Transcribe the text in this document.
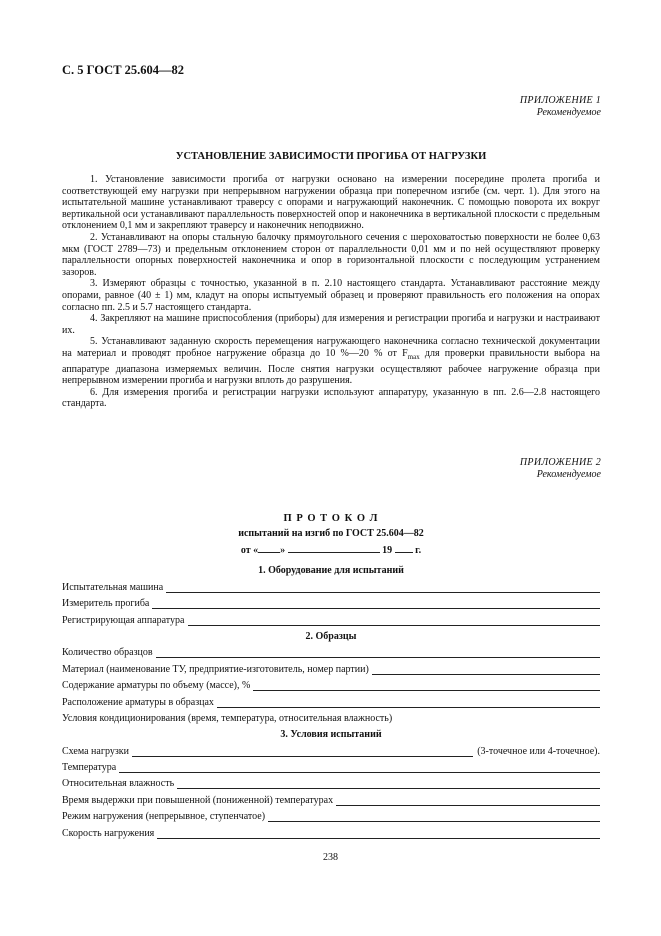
С. 5 ГОСТ 25.604—82
ПРИЛОЖЕНИЕ 1
Рекомендуемое
УСТАНОВЛЕНИЕ ЗАВИСИМОСТИ ПРОГИБА ОТ НАГРУЗКИ

1. Установление зависимости прогиба от нагрузки основано на измерении посередине пролета прогиба и соответствующей ему нагрузки при непрерывном нагружении образца при поперечном изгибе (см. черт. 1). Для этого на испытательной машине устанавливают траверсу с опорами и нагружающий наконечник. С помощью поворота их вокруг вертикальной оси устанавливают параллельность поверхностей опор и наконечника в вертикальной плоскости с предельным отклонением 0,1 мм и закрепляют траверсу и наконечник неподвижно.

2. Устанавливают на опоры стальную балочку прямоугольного сечения с шероховатостью поверхности не более 0,63 мкм (ГОСТ 2789—73) и предельным отклонением сторон от параллельности 0,01 мм и по ней осуществляют проверку параллельности опорных поверхностей наконечника и опор в горизонтальной плоскости с последующим устранением зазоров.

3. Измеряют образцы с точностью, указанной в п. 2.10 настоящего стандарта. Устанавливают расстояние между опорами, равное (40 ± 1) мм, кладут на опоры испытуемый образец и проверяют правильность его положения на опорах согласно пп. 2.5 и 5.7 настоящего стандарта.

4. Закрепляют на машине приспособления (приборы) для измерения и регистрации прогиба и нагрузки и настраивают их.

5. Устанавливают заданную скорость перемещения нагружающего наконечника согласно технической документации на материал и проводят пробное нагружение образца до 10 %—20 % от $F_{max}$ для проверки правильности выбора на аппаратуре диапазона измеряемых величин. После снятия нагрузки осуществляют рабочее нагружение образца при непрерывном измерении прогиба и нагрузки вплоть до разрушения.

6. Для измерения прогиба и регистрации нагрузки используют аппаратуру, указанную в пп. 2.6—2.8 настоящего стандарта.

ПРИЛОЖЕНИЕ 2
Рекомендуемое
П Р О Т О К О Л
испытаний на изгиб по ГОСТ 25.604—82
от « »	19 г.
1. Оборудование для испытаний
Испытательная машина
Измеритель прогиба
Регистрирующая аппаратура
2. Образцы
Количество образцов
Материал (наименование ТУ, предприятие-изготовитель, номер партии)
Содержание арматуры по объему (массе), %
Расположение арматуры в образцах
Условия кондиционирования (время, температура, относительная влажность)
3. Условия испытаний
Схема нагрузки	(3-точечное или 4-точечное).
Температура
Относительная влажность
Время выдержки при повышенной (пониженной) температурах
Режим нагружения (непрерывное, ступенчатое)
Скорость нагружения
238
